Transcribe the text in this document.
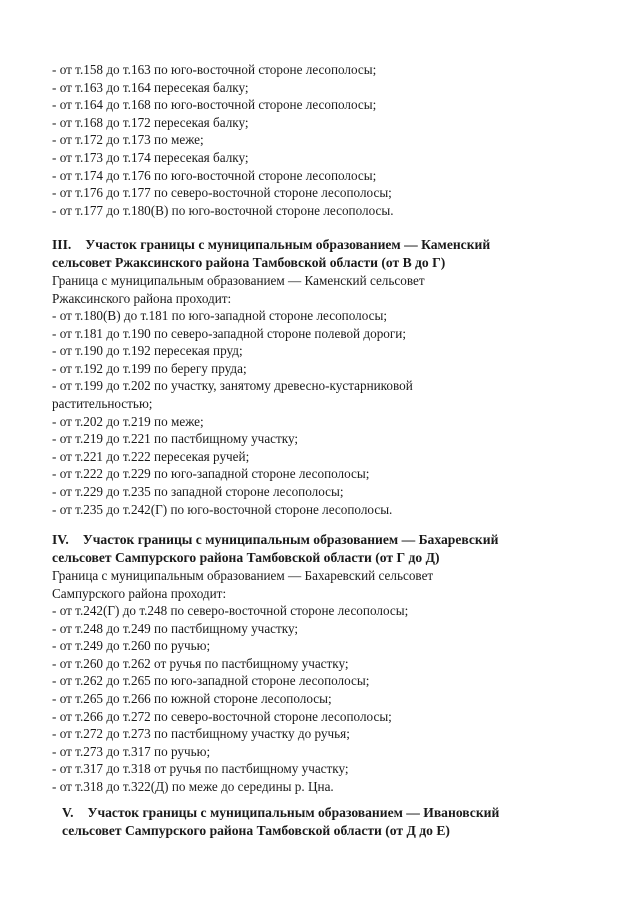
- от т.158 до т.163 по юго-восточной стороне лесополосы;
- от т.163 до т.164 пересекая балку;
- от т.164 до т.168 по юго-восточной стороне лесополосы;
- от т.168 до т.172 пересекая балку;
- от т.172 до т.173 по меже;
- от т.173 до т.174 пересекая балку;
- от т.174 до т.176 по юго-восточной стороне лесополосы;
- от т.176 до т.177 по северо-восточной стороне лесополосы;
- от т.177 до т.180(В) по юго-восточной стороне лесополосы.
III. Участок границы с муниципальным образованием — Каменский
сельсовет Ржаксинского района Тамбовской области (от В до Г)
Граница с муниципальным образованием — Каменский сельсовет
Ржаксинского района проходит:
- от т.180(В) до т.181 по юго-западной стороне лесополосы;
- от т.181 до т.190 по северо-западной стороне полевой дороги;
- от т.190 до т.192 пересекая пруд;
- от т.192 до т.199 по берегу пруда;
- от т.199 до т.202 по участку, занятому древесно-кустарниковой
растительностью;
- от т.202 до т.219 по меже;
- от т.219 до т.221 по пастбищному участку;
- от т.221 до т.222 пересекая ручей;
- от т.222 до т.229 по юго-западной стороне лесополосы;
- от т.229 до т.235 по западной стороне лесополосы;
- от т.235 до т.242(Г) по юго-восточной стороне лесополосы.
IV. Участок границы с муниципальным образованием — Бахаревский
сельсовет Сампурского района Тамбовской области (от Г до Д)
Граница с муниципальным образованием — Бахаревский сельсовет
Сампурского района проходит:
- от т.242(Г) до т.248 по северо-восточной стороне лесополосы;
- от т.248 до т.249 по пастбищному участку;
- от т.249 до т.260 по ручью;
- от т.260 до т.262 от ручья по пастбищному участку;
- от т.262 до т.265 по юго-западной стороне лесополосы;
- от т.265 до т.266 по южной стороне лесополосы;
- от т.266 до т.272 по северо-восточной стороне лесополосы;
- от т.272 до т.273 по пастбищному участку до ручья;
- от т.273 до т.317 по ручью;
- от т.317 до т.318 от ручья по пастбищному участку;
- от т.318 до т.322(Д) по меже до середины р. Цна.
V. Участок границы с муниципальным образованием — Ивановский
сельсовет Сампурского района Тамбовской области (от Д до Е)
